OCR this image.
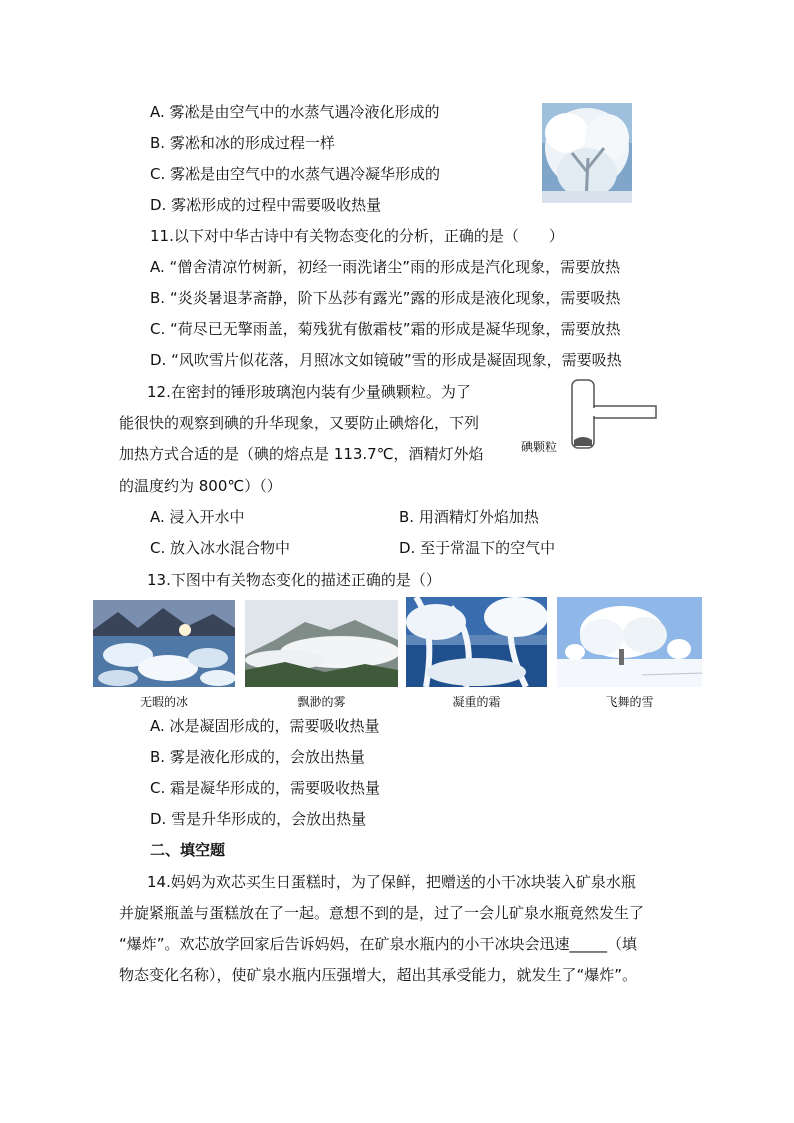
A. 雾凇是由空气中的水蒸气遇冷液化形成的
B. 雾凇和冰的形成过程一样
C. 雾凇是由空气中的水蒸气遇冷凝华形成的
D. 雾凇形成的过程中需要吸收热量
11.以下对中华古诗中有关物态变化的分析，正确的是（　　）
A. “僧舍清凉竹树新，初经一雨洗诸尘”雨的形成是汽化现象，需要放热
B. “炎炎暑退茅斋静，阶下丛莎有露光”露的形成是液化现象，需要吸热
C. “荷尽已无擎雨盖，菊残犹有傲霜枝”霜的形成是凝华现象，需要放热
D. “风吹雪片似花落，月照冰文如镜破”雪的形成是凝固现象，需要吸热
12.在密封的锤形玻璃泡内装有少量碘颗粒。为了
能很快的观察到碘的升华现象，又要防止碘熔化，下列
加热方式合适的是（碘的熔点是 113.7℃，酒精灯外焰
的温度约为 800℃）（）
碘颗粒
A. 浸入开水中	B. 用酒精灯外焰加热
C. 放入冰水混合物中	D. 至于常温下的空气中
13.下图中有关物态变化的描述正确的是（）
无暇的冰	飘渺的雾	凝重的霜	飞舞的雪
A. 冰是凝固形成的，需要吸收热量
B. 雾是液化形成的，会放出热量
C. 霜是凝华形成的，需要吸收热量
D. 雪是升华形成的，会放出热量
二、填空题
14.妈妈为欢芯买生日蛋糕时，为了保鲜，把赠送的小干冰块装入矿泉水瓶
并旋紧瓶盖与蛋糕放在了一起。意想不到的是，过了一会儿矿泉水瓶竟然发生了
“爆炸”。欢芯放学回家后告诉妈妈，在矿泉水瓶内的小干冰块会迅速_____（填
物态变化名称），使矿泉水瓶内压强增大，超出其承受能力，就发生了“爆炸”。
